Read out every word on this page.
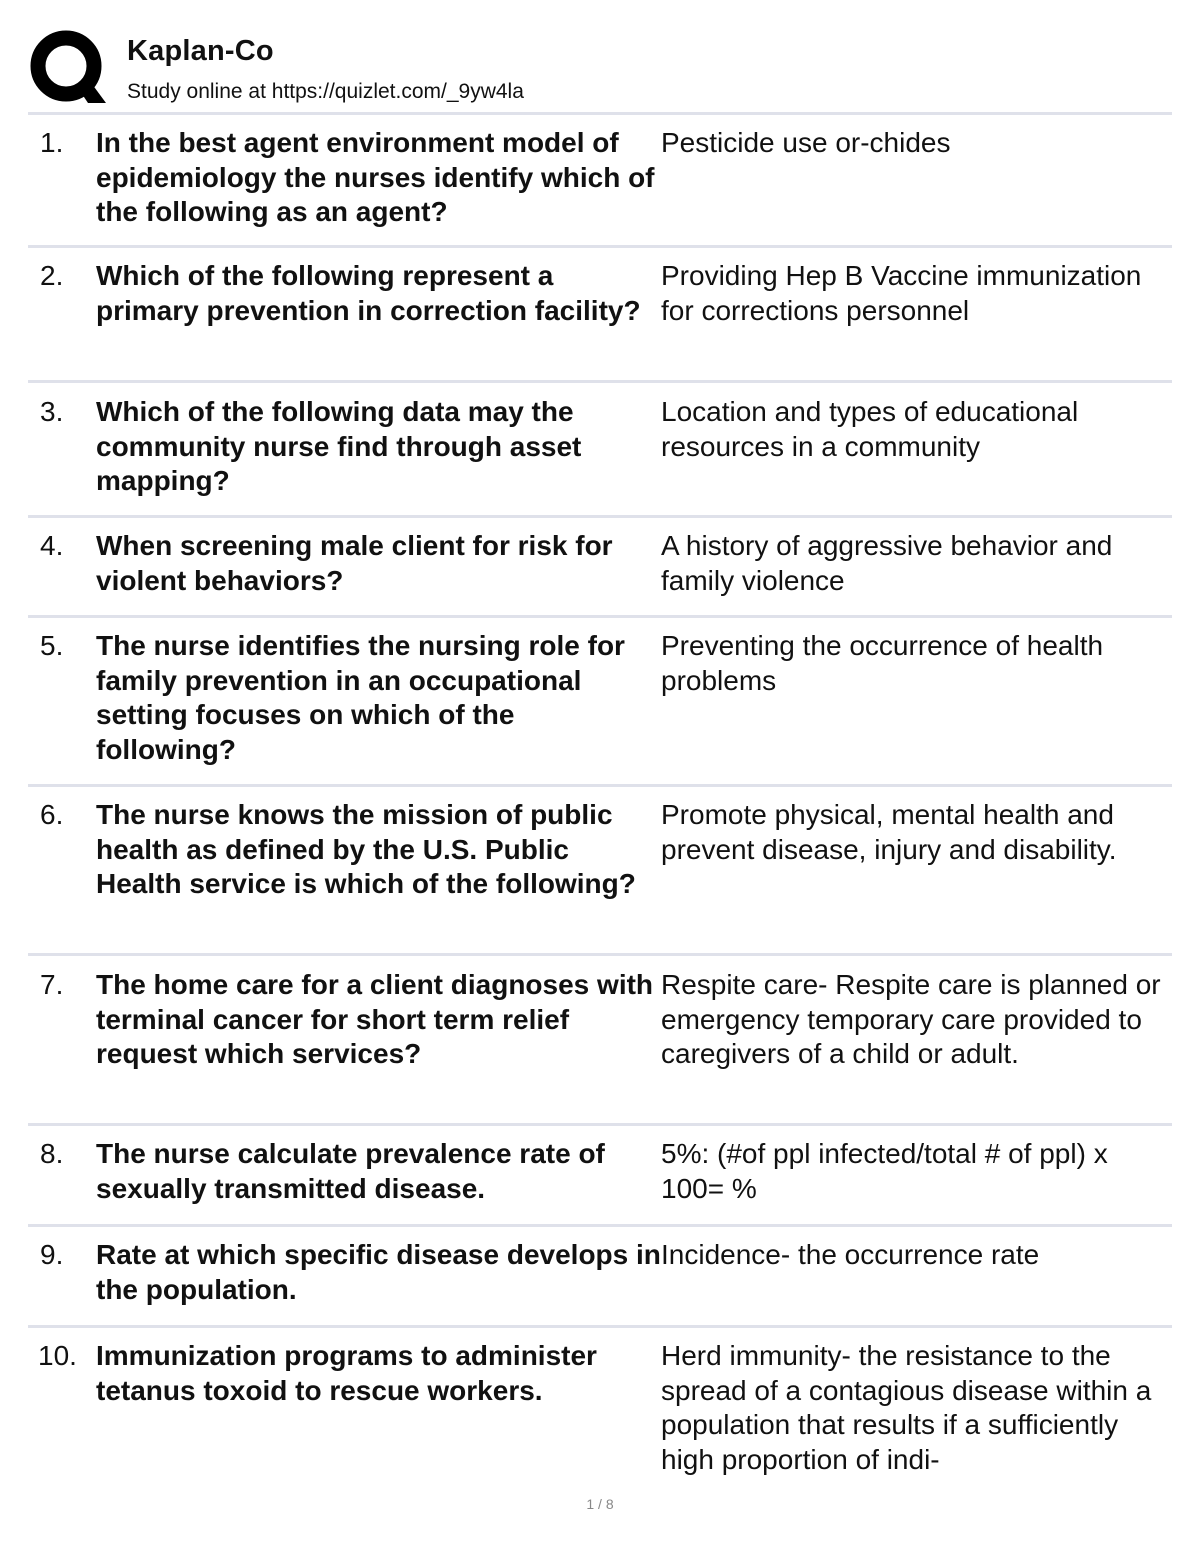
Kaplan-Co
Study online at https://quizlet.com/_9yw4la
1. In the best agent environment model of epidemiology the nurses identify which of the following as an agent?
Pesticide use or-chides
2. Which of the following represent a primary prevention in correction facility?
Providing Hep B Vaccine immunization for corrections personnel
3. Which of the following data may the community nurse find through asset mapping?
Location and types of educational resources in a community
4. When screening male client for risk for violent behaviors?
A history of aggressive behavior and family violence
5. The nurse identifies the nursing role for family prevention in an occupational setting focuses on which of the following?
Preventing the occurrence of health problems
6. The nurse knows the mission of public health as defined by the U.S. Public Health service is which of the following?
Promote physical, mental health and prevent disease, injury and disability.
7. The home care for a client diagnoses with terminal cancer for short term relief request which services?
Respite care- Respite care is planned or emergency temporary care provided to caregivers of a child or adult.
8. The nurse calculate prevalence rate of sexually transmitted disease.
5%: (#of ppl infected/total # of ppl) x 100= %
9. Rate at which specific disease develops in the population.
Incidence- the occurrence rate
10. Immunization programs to administer tetanus toxoid to rescue workers.
Herd immunity- the resistance to the spread of a contagious disease within a population that results if a sufficiently high proportion of indi-
1 / 8
